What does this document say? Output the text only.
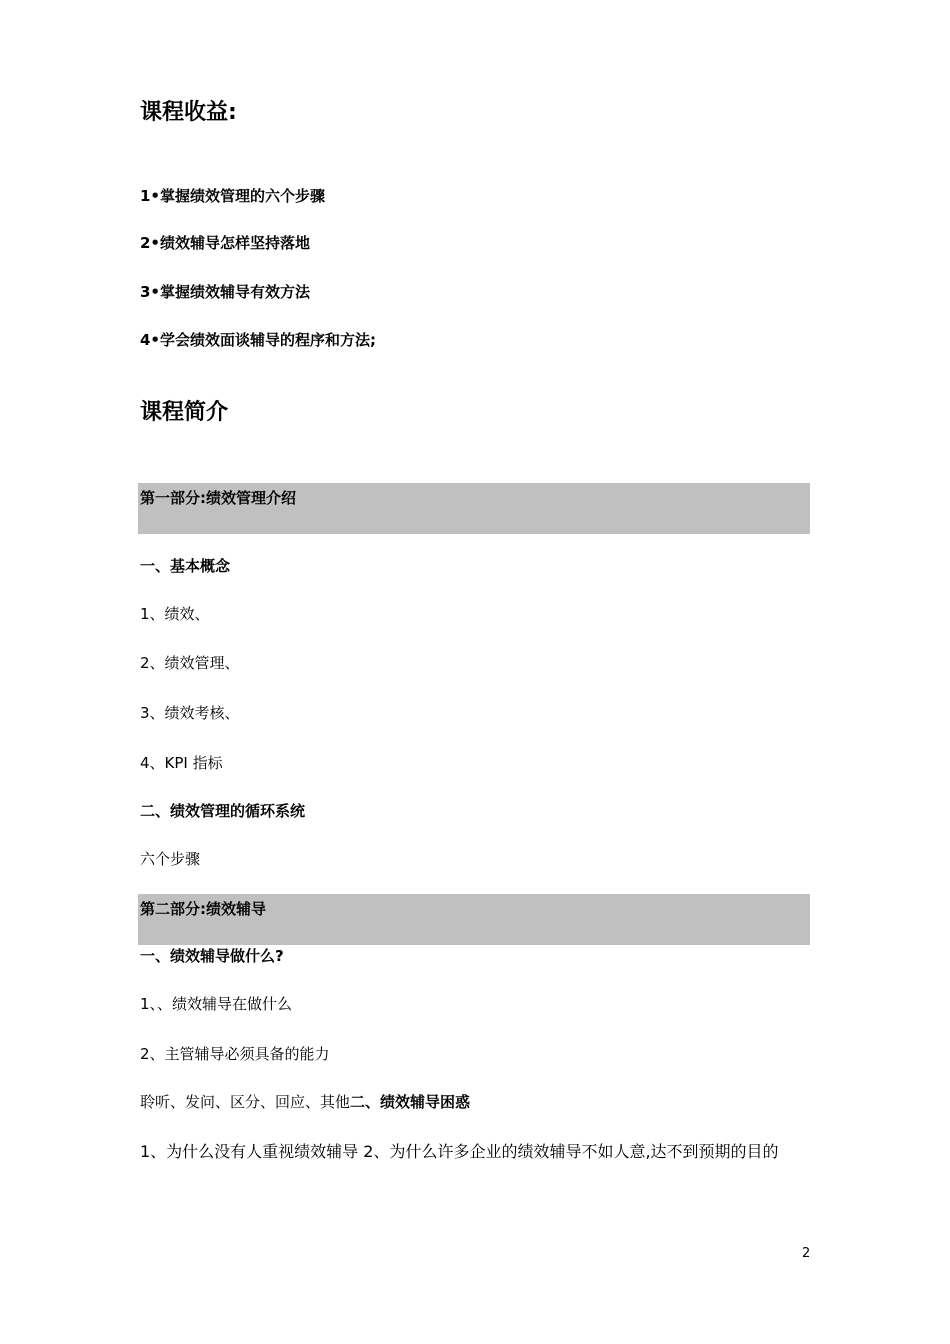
课程收益:
1•掌握绩效管理的六个步骤
2•绩效辅导怎样坚持落地
3•掌握绩效辅导有效方法
4•学会绩效面谈辅导的程序和方法;
课程简介
第一部分:绩效管理介绍
一、基本概念
1、绩效、
2、绩效管理、
3、绩效考核、
4、KPI 指标
二、绩效管理的循环系统
六个步骤
第二部分:绩效辅导
一、绩效辅导做什么?
1、、绩效辅导在做什么
2、主管辅导必须具备的能力
聆听、发问、区分、回应、其他二、绩效辅导困惑
1、为什么没有人重视绩效辅导 2、为什么许多企业的绩效辅导不如人意,达不到预期的目的
2
